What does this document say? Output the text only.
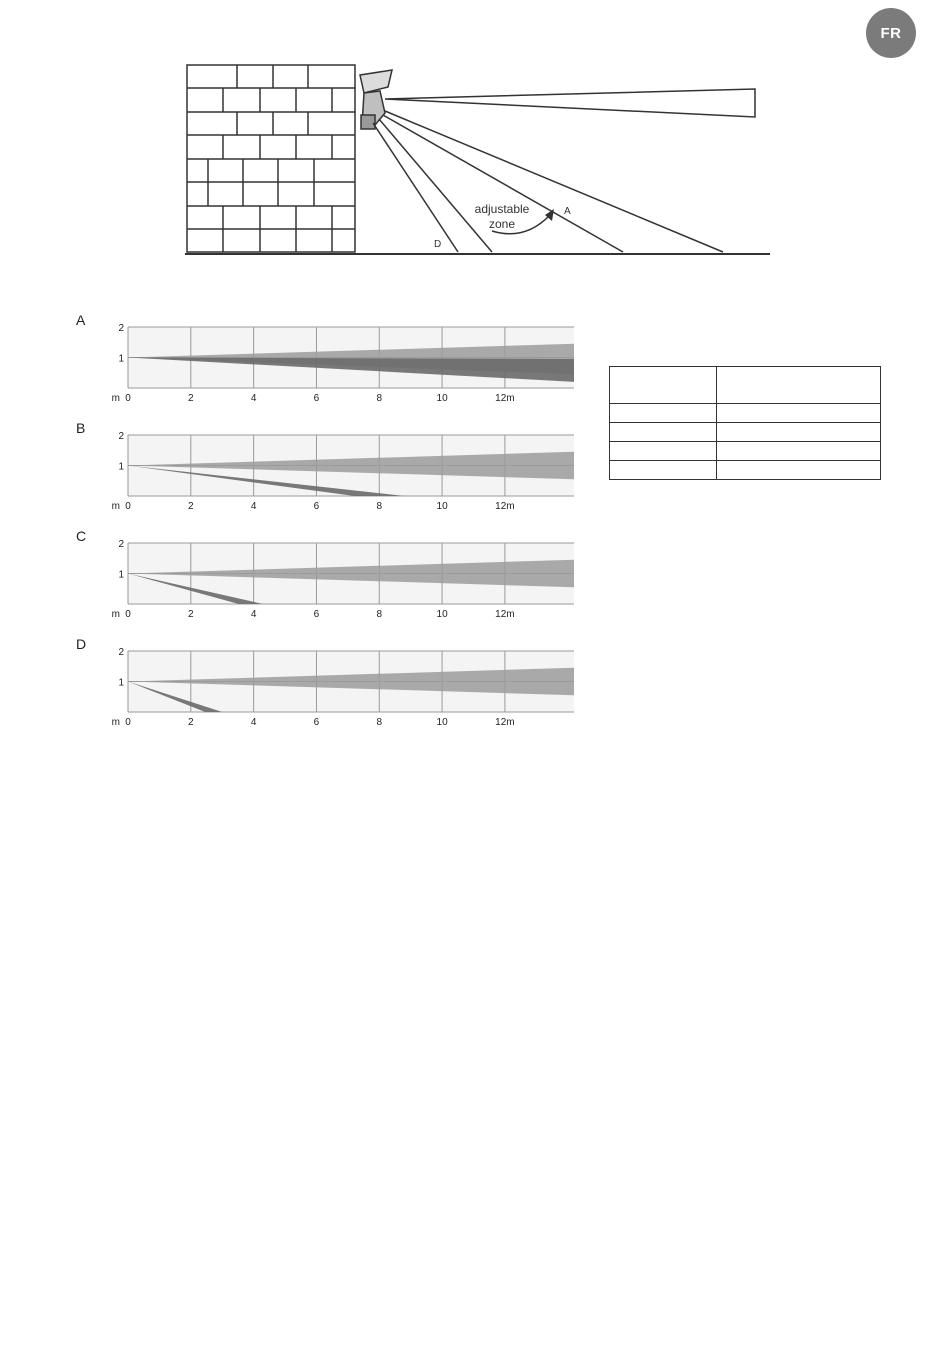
FR
adjustable
zone
A
D
1
2
0	2	4	6	8	10	12m
m
A
1
2
0	2	4	6	8	10	12m
m
B
1
2
0	2	4	6	8	10	12m
m
C
1
2
0	2	4	6	8	10	12m
m
D
